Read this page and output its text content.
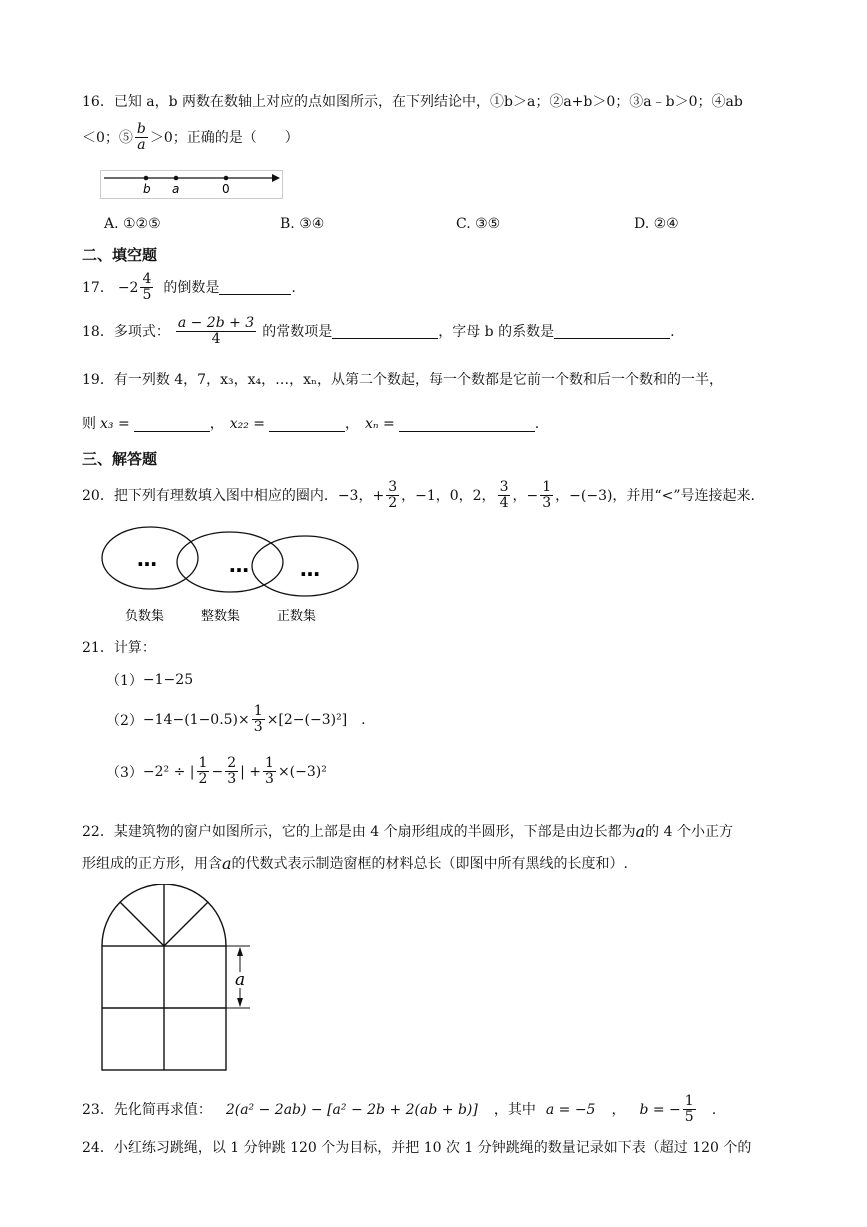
16．已知 a，b 两数在数轴上对应的点如图所示，在下列结论中，①b＞a；②a+b＞0；③a﹣b＞0；④ab
＜0；⑤ $\frac{b}{a} >0$；正确的是（　　）
b a	0
A. ①②⑤	B. ③④	C. ③⑤	D. ②④
二、填空题
17． $-2 \frac{4}{5}$ 的倒数是	.
18．多项式： $\frac{a - 2b + 3}{4}$ 的常数项是	，字母 b 的系数是	.
19．有一列数 4，7，x₃，x₄，…，xₙ，从第二个数起，每一个数都是它前一个数和后一个数和的一半，
则 x₃ =	， x₂₂ =	， xₙ =	.
三、解答题
20．把下列有理数填入图中相应的圈内．−3，+ $\frac{3}{2}$ ，−1，0，2， $\frac{3}{4}$ ，− $\frac{1}{3}$ ，−(−3)，并用“<”号连接起来.
…	…	…
负数集	整数集	正数集
21．计算：
（1） −1−25
$(2) -14-(1-0.5)\times \frac{1}{3} \times[2-(-3)^2]$ .
（3） −2² ÷ | $\frac{1}{2} - \frac{2}{3}$ | + $\frac{1}{3} \times(-3)^2$
22．某建筑物的窗户如图所示，它的上部是由 4 个扇形组成的半圆形，下部是由边长都为 a 的 4 个小正方
形组成的正方形，用含 a 的代数式表示制造窗框的材料总长（即图中所有黑线的长度和）.
a
23．先化简再求值： 2(a² − 2ab) − [a² − 2b + 2(ab + b)] ，其中 a = −5 ， b = − $\frac{1}{5}$ .
24．小红练习跳绳，以 1 分钟跳 120 个为目标，并把 10 次 1 分钟跳绳的数量记录如下表（超过 120 个的
